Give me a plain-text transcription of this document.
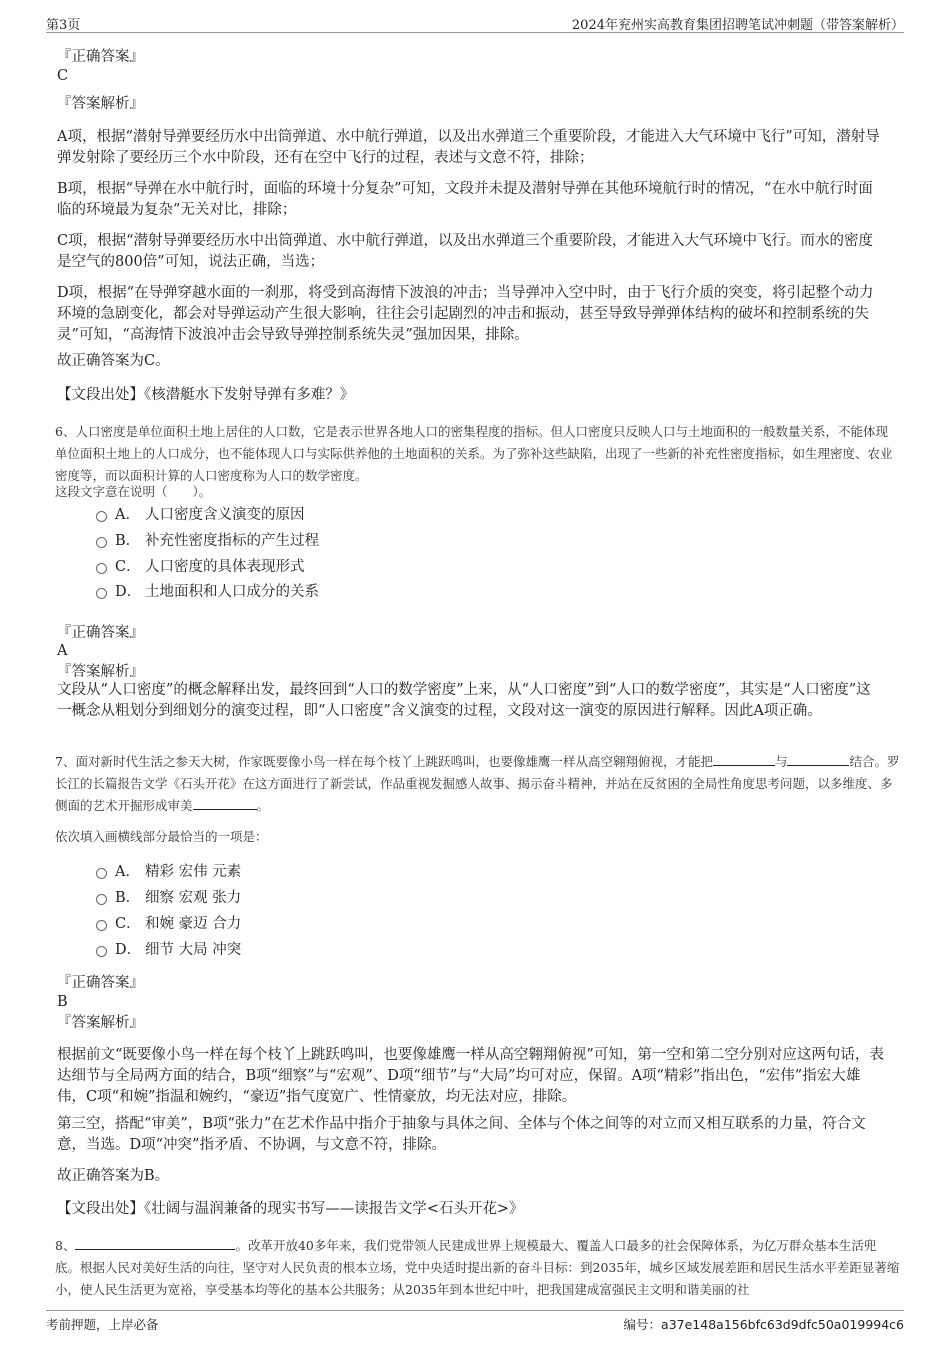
第3页	2024年兖州实高教育集团招聘笔试冲刺题（带答案解析）

『正确答案』

C

『答案解析』

A项，根据“潜射导弹要经历水中出筒弹道、水中航行弹道，以及出水弹道三个重要阶段，才能进入大气环境中飞行”可知，潜射导弹发射除了要经历三个水中阶段，还有在空中飞行的过程，表述与文意不符，排除；

B项，根据“导弹在水中航行时，面临的环境十分复杂”可知，文段并未提及潜射导弹在其他环境航行时的情况，“在水中航行时面临的环境最为复杂”无关对比，排除；

C项，根据“潜射导弹要经历水中出筒弹道、水中航行弹道，以及出水弹道三个重要阶段，才能进入大气环境中飞行。而水的密度是空气的800倍”可知，说法正确，当选；

D项，根据“在导弹穿越水面的一刹那，将受到高海情下波浪的冲击；当导弹冲入空中时，由于飞行介质的突变，将引起整个动力环境的急剧变化，都会对导弹运动产生很大影响，往往会引起剧烈的冲击和振动，甚至导致导弹弹体结构的破坏和控制系统的失灵”可知，“高海情下波浪冲击会导致导弹控制系统失灵”强加因果，排除。

故正确答案为C。

【文段出处】《核潜艇水下发射导弹有多难？》

6、人口密度是单位面积土地上居住的人口数，它是表示世界各地人口的密集程度的指标。但人口密度只反映人口与土地面积的一般数量关系，不能体现单位面积土地上的人口成分，也不能体现人口与实际供养他的土地面积的关系。为了弥补这些缺陷，出现了一些新的补充性密度指标，如生理密度、农业密度等，而以面积计算的人口密度称为人口的数学密度。

这段文字意在说明（　　）。

A． 人口密度含义演变的原因
B． 补充性密度指标的产生过程
C． 人口密度的具体表现形式
D． 土地面积和人口成分的关系

『正确答案』

A

『答案解析』

文段从“人口密度”的概念解释出发，最终回到“人口的数学密度”上来，从“人口密度”到“人口的数学密度”，其实是“人口密度”这一概念从粗划分到细划分的演变过程，即“人口密度”含义演变的过程，文段对这一演变的原因进行解释。因此A项正确。

7、面对新时代生活之参天大树，作家既要像小鸟一样在每个枝丫上跳跃鸣叫，也要像雄鹰一样从高空翱翔俯视，才能把	与	结合。罗长江的长篇报告文学《石头开花》在这方面进行了新尝试，作品重视发掘感人故事、揭示奋斗精神，并站在反贫困的全局性角度思考问题，以多维度、多侧面的艺术开掘形成审美	。

依次填入画横线部分最恰当的一项是：

A． 精彩 宏伟 元素
B． 细察 宏观 张力
C． 和婉 豪迈 合力
D． 细节 大局 冲突

『正确答案』

B

『答案解析』

根据前文“既要像小鸟一样在每个枝丫上跳跃鸣叫，也要像雄鹰一样从高空翱翔俯视”可知，第一空和第二空分别对应这两句话，表达细节与全局两方面的结合，B项“细察”与“宏观”、D项“细节”与“大局”均可对应，保留。A项“精彩”指出色，“宏伟”指宏大雄伟，C项“和婉”指温和婉约，“豪迈”指气度宽广、性情豪放，均无法对应，排除。

第三空，搭配“审美”，B项“张力”在艺术作品中指介于抽象与具体之间、全体与个体之间等的对立而又相互联系的力量，符合文意，当选。D项“冲突”指矛盾、不协调，与文意不符，排除。

故正确答案为B。

【文段出处】《壮阔与温润兼备的现实书写——读报告文学<石头开花>》

8、	。改革开放40多年来，我们党带领人民建成世界上规模最大、覆盖人口最多的社会保障体系，为亿万群众基本生活兜底。根据人民对美好生活的向往，坚守对人民负责的根本立场，党中央适时提出新的奋斗目标：到2035年，城乡区域发展差距和居民生活水平差距显著缩小，使人民生活更为宽裕，享受基本均等化的基本公共服务；从2035年到本世纪中叶，把我国建成富强民主文明和谐美丽的社

考前押题，上岸必备	编号：a37e148a156bfc63d9dfc50a019994c6
